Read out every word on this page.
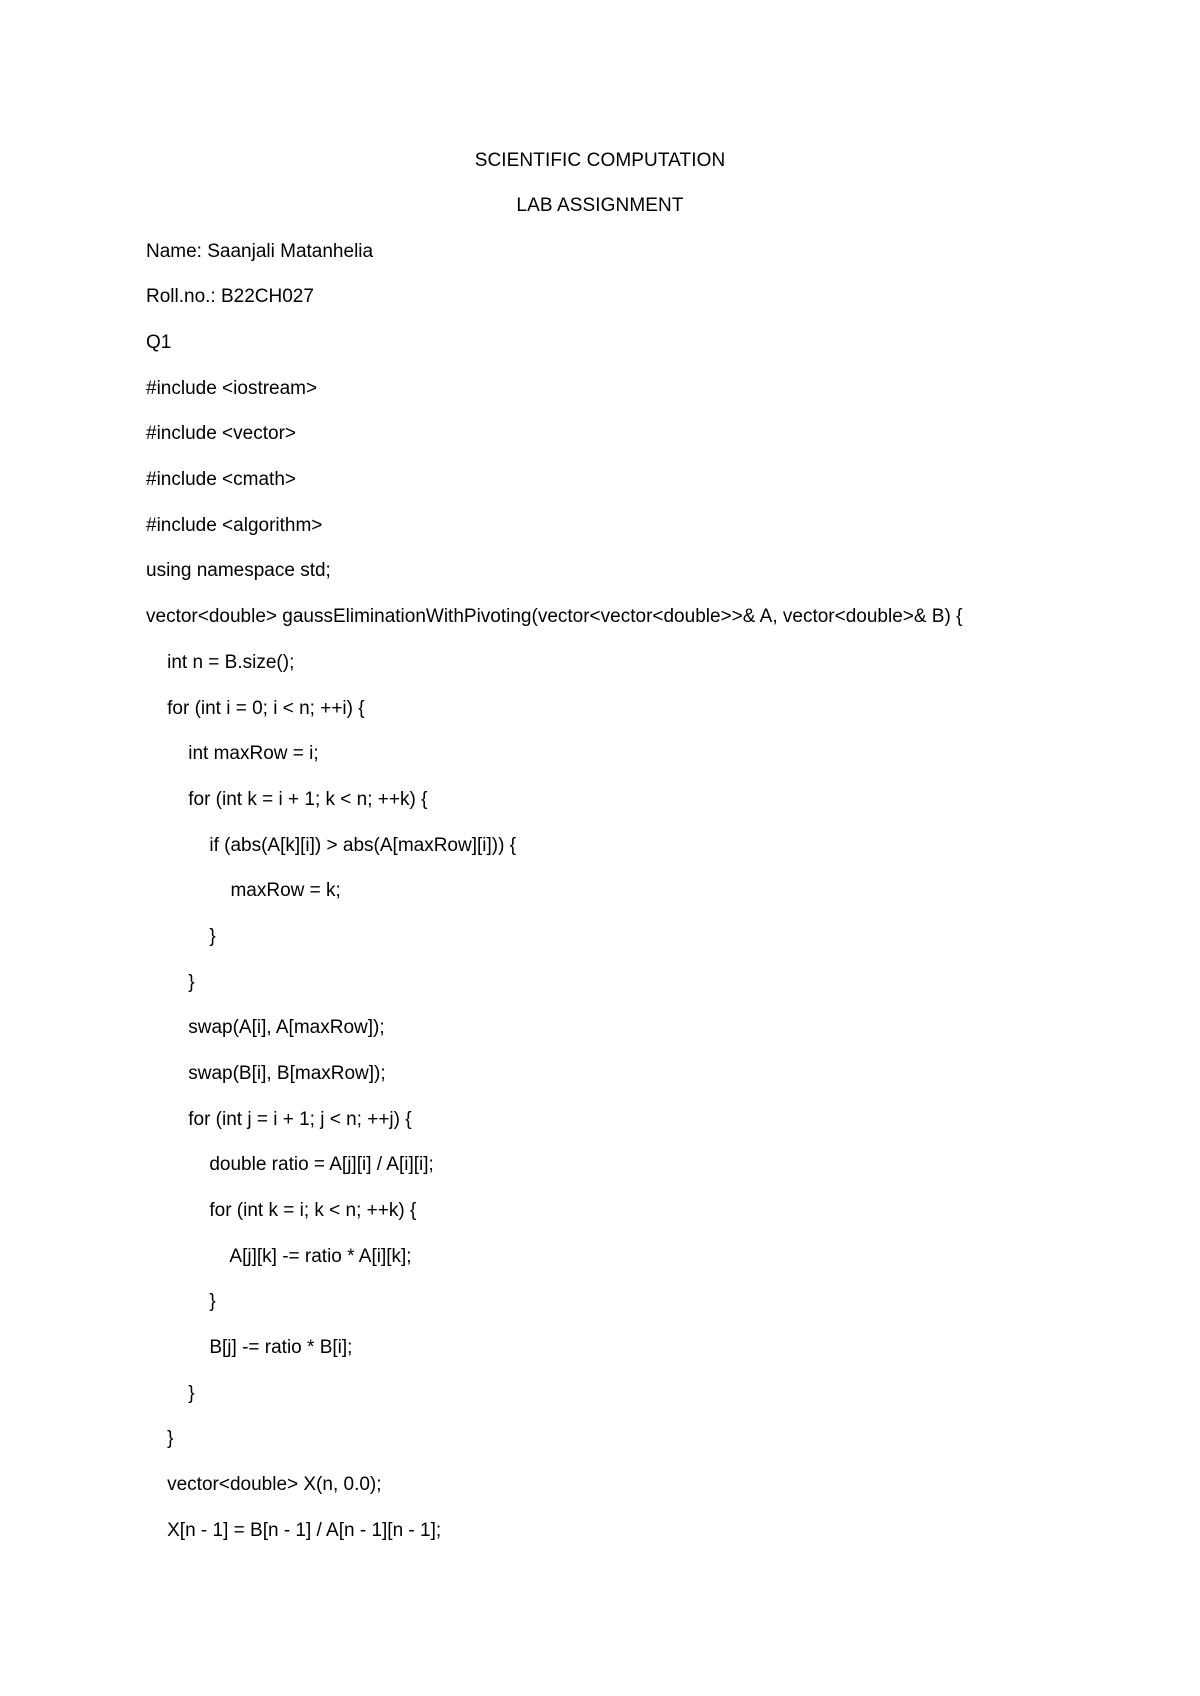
SCIENTIFIC COMPUTATION
LAB ASSIGNMENT
Name: Saanjali Matanhelia
Roll.no.: B22CH027
Q1
#include <iostream>
#include <vector>
#include <cmath>
#include <algorithm>
using namespace std;
vector<double> gaussEliminationWithPivoting(vector<vector<double>>& A, vector<double>& B) {
int n = B.size();
for (int i = 0; i < n; ++i) {
int maxRow = i;
for (int k = i + 1; k < n; ++k) {
if (abs(A[k][i]) > abs(A[maxRow][i])) {
maxRow = k;
}
}
swap(A[i], A[maxRow]);
swap(B[i], B[maxRow]);
for (int j = i + 1; j < n; ++j) {
double ratio = A[j][i] / A[i][i];
for (int k = i; k < n; ++k) {
A[j][k] -= ratio * A[i][k];
}
B[j] -= ratio * B[i];
}
}
vector<double> X(n, 0.0);
X[n - 1] = B[n - 1] / A[n - 1][n - 1];
